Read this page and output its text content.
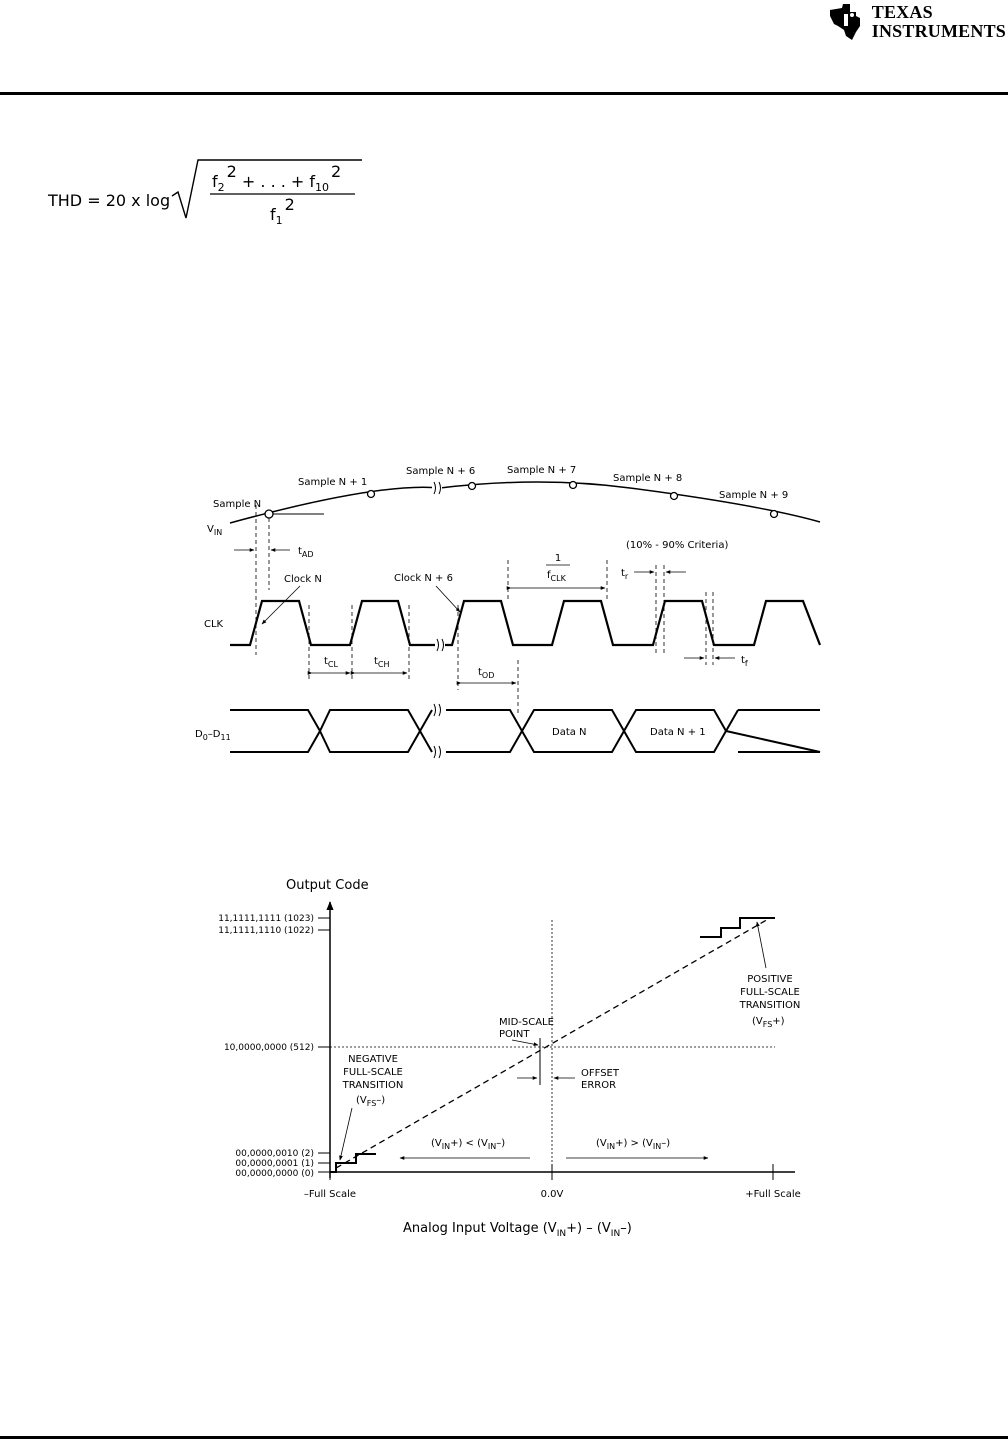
TEXAS
INSTRUMENTS
THD = 20 x log
$f_22$ + . . . + $f_{10}2$
$f_12$
Sample N
Sample N + 1
Sample N + 6	Sample N + 7
Sample N + 8
Sample N + 9
$V_{IN}$
$t_{AD}$
CLK
Clock N	Clock N + 6
$t_{CL}$	$t_{CH}$
$t_{OD}$
1
$f_{CLK}$
(10% - 90% Criteria)
$t_r$
$t_f$
$D_0-D_{11}$	Data N	Data N + 1
Output Code
Analog Input Voltage $(V_{IN}+) - (V_{IN}-)$
11,1111,1111 (1023)
11,1111,1110 (1022)
10,0000,0000 (512)
00,0000,0010 (2)
00,0000,0001 (1)
00,0000,0000 (0)
–Full Scale	0.0V	+Full Scale
MID-SCALE
POINT
OFFSET
ERROR
NEGATIVE
FULL-SCALE
TRANSITION
$(V_{FS}-)$
POSITIVE
FULL-SCALE
TRANSITION
$(V_{FS}+)$
$(V_{IN}+) < (V_{IN}-)$	$(V_{IN}+) > (V_{IN}-)$
